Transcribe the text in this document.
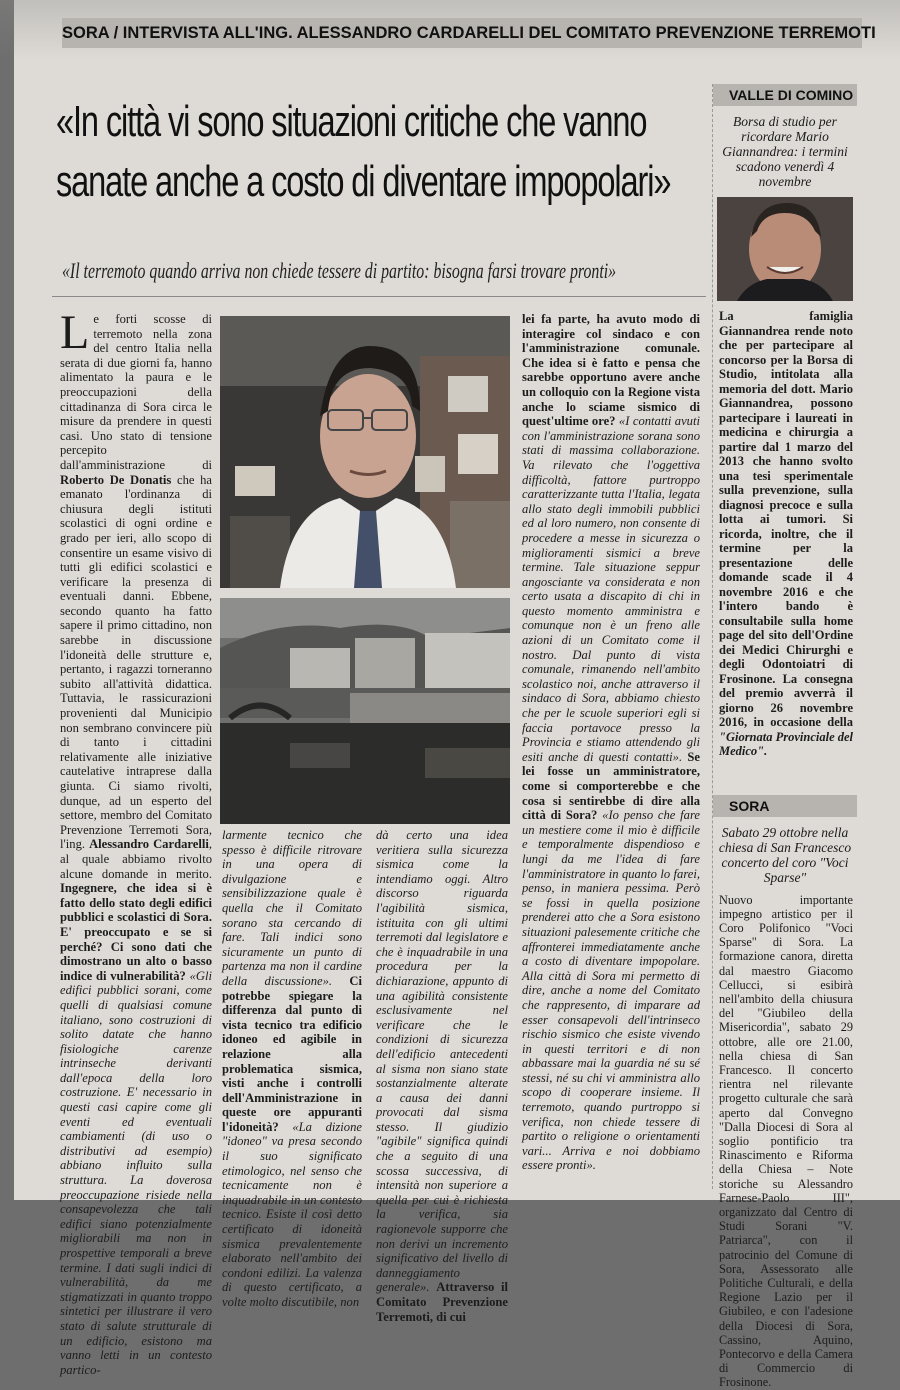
SORA / INTERVISTA ALL'ING. ALESSANDRO CARDARELLI DEL COMITATO PREVENZIONE TERREMOTI
«In città vi sono situazioni critiche che vanno
sanate anche a costo di diventare impopolari»
«Il terremoto quando arriva non chiede tessere di partito: bisogna farsi trovare pronti»

Le forti scosse di terremoto nella zona del centro Italia nella serata di due giorni fa, hanno alimentato la paura e le preoccupazioni della cittadinanza di Sora circa le misure da prendere in questi casi. Uno stato di tensione percepito dall'amministrazione di Roberto De Donatis che ha emanato l'ordinanza di chiusura degli istituti scolastici di ogni ordine e grado per ieri, allo scopo di consentire un esame visivo di tutti gli edifici scolastici e verificare la presenza di eventuali danni. Ebbene, secondo quanto ha fatto sapere il primo cittadino, non sarebbe in discussione l'idoneità delle strutture e, pertanto, i ragazzi torneranno subito all'attività didattica. Tuttavia, le rassicurazioni provenienti dal Municipio non sembrano convincere più di tanto i cittadini relativamente alle iniziative cautelative intraprese dalla giunta. Ci siamo rivolti, dunque, ad un esperto del settore, membro del Comitato Prevenzione Terremoti Sora, l'ing. Alessandro Cardarelli, al quale abbiamo rivolto alcune domande in merito. Ingegnere, che idea si è fatto dello stato degli edifici pubblici e scolastici di Sora. E' preoccupato e se si perché? Ci sono dati che dimostrano un alto o basso indice di vulnerabilità? «Gli edifici pubblici sorani, come quelli di qualsiasi comune italiano, sono costruzioni di solito datate che hanno fisiologiche carenze intrinseche derivanti dall'epoca della loro costruzione. E' necessario in questi casi capire come gli eventi ed eventuali cambiamenti (di uso o distributivi ad esempio) abbiano influito sulla struttura. La doverosa preoccupazione risiede nella consapevolezza che tali edifici siano potenzialmente migliorabili ma non in prospettive temporali a breve termine. I dati sugli indici di vulnerabilità, da me stigmatizzati in quanto troppo sintetici per illustrare il vero stato di salute strutturale di un edificio, esistono ma vanno letti in un contesto partico-

larmente tecnico che spesso è difficile ritrovare in una opera di divulgazione e sensibilizzazione quale è quella che il Comitato sorano sta cercando di fare. Tali indici sono sicuramente un punto di partenza ma non il cardine della discussione». Ci potrebbe spiegare la differenza dal punto di vista tecnico tra edificio idoneo ed agibile in relazione alla problematica sismica, visti anche i controlli dell'Amministrazione in queste ore appuranti l'idoneità? «La dizione "idoneo" va presa secondo il suo significato etimologico, nel senso che tecnicamente non è inquadrabile in un contesto tecnico. Esiste il così detto certificato di idoneità sismica prevalentemente elaborato nell'ambito dei condoni edilizi. La valenza di questo certificato, a volte molto discutibile, non

dà certo una idea veritiera sulla sicurezza sismica come la intendiamo oggi. Altro discorso riguarda l'agibilità sismica, istituita con gli ultimi terremoti dal legislatore e che è inquadrabile in una procedura per la dichiarazione, appunto di una agibilità consistente esclusivamente nel verificare che le condizioni di sicurezza dell'edificio antecedenti al sisma non siano state sostanzialmente alterate a causa dei danni provocati dal sisma stesso. Il giudizio "agibile" significa quindi che a seguito di una scossa successiva, di intensità non superiore a quella per cui è richiesta la verifica, sia ragionevole supporre che non derivi un incremento significativo del livello di danneggiamento generale». Attraverso il Comitato Prevenzione Terremoti, di cui

lei fa parte, ha avuto modo di interagire col sindaco e con l'amministrazione comunale. Che idea si è fatto e pensa che sarebbe opportuno avere anche un colloquio con la Regione vista anche lo sciame sismico di quest'ultime ore? «I contatti avuti con l'amministrazione sorana sono stati di massima collaborazione. Va rilevato che l'oggettiva difficoltà, fattore purtroppo caratterizzante tutta l'Italia, legata allo stato degli immobili pubblici ed al loro numero, non consente di procedere a messe in sicurezza o miglioramenti sismici a breve termine. Tale situazione seppur angosciante va considerata e non certo usata a discapito di chi in questo momento amministra e comunque non è un freno alle azioni di un Comitato come il nostro. Dal punto di vista comunale, rimanendo nell'ambito scolastico noi, anche attraverso il sindaco di Sora, abbiamo chiesto che per le scuole superiori egli si faccia portavoce presso la Provincia e stiamo attendendo gli esiti anche di questi contatti». Se lei fosse un amministratore, come si comporterebbe e che cosa si sentirebbe di dire alla città di Sora? «Io penso che fare un mestiere come il mio è difficile e temporalmente dispendioso e lungi da me l'idea di fare l'amministratore in quanto lo farei, penso, in maniera pessima. Però se fossi in quella posizione prenderei atto che a Sora esistono situazioni palesemente critiche che affronterei immediatamente anche a costo di diventare impopolare. Alla città di Sora mi permetto di dire, anche a nome del Comitato che rappresento, di imparare ad esser consapevoli dell'intrinseco rischio sismico che esiste vivendo in questi territori e di non abbassare mai la guardia né su sé stessi, né su chi vi amministra allo scopo di cooperare insieme. Il terremoto, quando purtroppo si verifica, non chiede tessere di partito o religione o orientamenti vari... Arriva e noi dobbiamo essere pronti».

VALLE DI COMINO
Borsa di studio per ricordare Mario Giannandrea: i termini scadono venerdì 4 novembre
La famiglia Giannandrea rende noto che per partecipare al concorso per la Borsa di Studio, intitolata alla memoria del dott. Mario Giannandrea, possono partecipare i laureati in medicina e chirurgia a partire dal 1 marzo del 2013 che hanno svolto una tesi sperimentale sulla prevenzione, sulla diagnosi precoce e sulla lotta ai tumori. Si ricorda, inoltre, che il termine per la presentazione delle domande scade il 4 novembre 2016 e che l'intero bando è consultabile sulla home page del sito dell'Ordine dei Medici Chirurghi e degli Odontoiatri di Frosinone. La consegna del premio avverrà il giorno 26 novembre 2016, in occasione della "Giornata Provinciale del Medico".
SORA
Sabato 29 ottobre nella chiesa di San Francesco concerto del coro "Voci Sparse"
Nuovo importante impegno artistico per il Coro Polifonico "Voci Sparse" di Sora. La formazione canora, diretta dal maestro Giacomo Cellucci, si esibirà nell'ambito della chiusura del "Giubileo della Misericordia", sabato 29 ottobre, alle ore 21.00, nella chiesa di San Francesco. Il concerto rientra nel rilevante progetto culturale che sarà aperto dal Convegno "Dalla Diocesi di Sora al soglio pontificio tra Rinascimento e Riforma della Chiesa – Note storiche su Alessandro Farnese-Paolo III", organizzato dal Centro di Studi Sorani "V. Patriarca", con il patrocinio del Comune di Sora, Assessorato alle Politiche Culturali, e della Regione Lazio per il Giubileo, e con l'adesione della Diocesi di Sora, Cassino, Aquino, Pontecorvo e della Camera di Commercio di Frosinone.
